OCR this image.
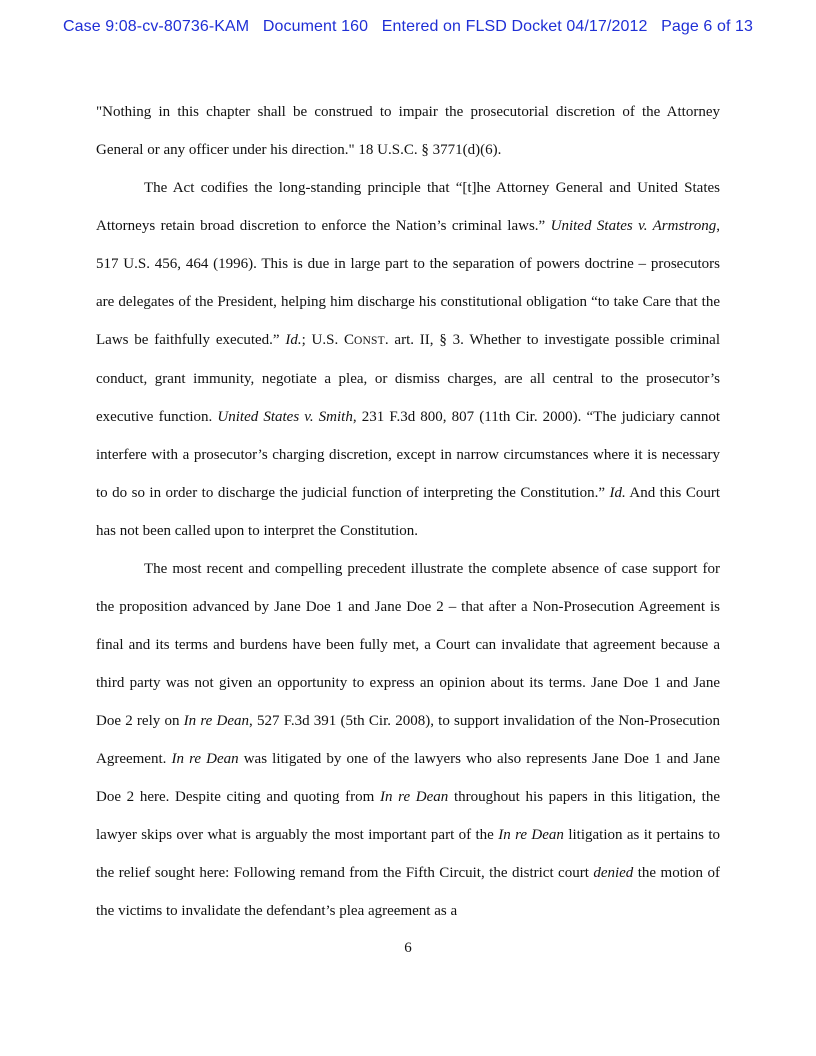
Case 9:08-cv-80736-KAM   Document 160   Entered on FLSD Docket 04/17/2012   Page 6 of 13

"Nothing in this chapter shall be construed to impair the prosecutorial discretion of the Attorney General or any officer under his direction." 18 U.S.C. § 3771(d)(6).

The Act codifies the long-standing principle that “[t]he Attorney General and United States Attorneys retain broad discretion to enforce the Nation’s criminal laws.” United States v. Armstrong, 517 U.S. 456, 464 (1996). This is due in large part to the separation of powers doctrine – prosecutors are delegates of the President, helping him discharge his constitutional obligation “to take Care that the Laws be faithfully executed.” Id.; U.S. CONST. art. II, § 3. Whether to investigate possible criminal conduct, grant immunity, negotiate a plea, or dismiss charges, are all central to the prosecutor’s executive function. United States v. Smith, 231 F.3d 800, 807 (11th Cir. 2000). “The judiciary cannot interfere with a prosecutor’s charging discretion, except in narrow circumstances where it is necessary to do so in order to discharge the judicial function of interpreting the Constitution.” Id. And this Court has not been called upon to interpret the Constitution.

The most recent and compelling precedent illustrate the complete absence of case support for the proposition advanced by Jane Doe 1 and Jane Doe 2 – that after a Non-Prosecution Agreement is final and its terms and burdens have been fully met, a Court can invalidate that agreement because a third party was not given an opportunity to express an opinion about its terms. Jane Doe 1 and Jane Doe 2 rely on In re Dean, 527 F.3d 391 (5th Cir. 2008), to support invalidation of the Non-Prosecution Agreement. In re Dean was litigated by one of the lawyers who also represents Jane Doe 1 and Jane Doe 2 here. Despite citing and quoting from In re Dean throughout his papers in this litigation, the lawyer skips over what is arguably the most important part of the In re Dean litigation as it pertains to the relief sought here: Following remand from the Fifth Circuit, the district court denied the motion of the victims to invalidate the defendant’s plea agreement as a

6
